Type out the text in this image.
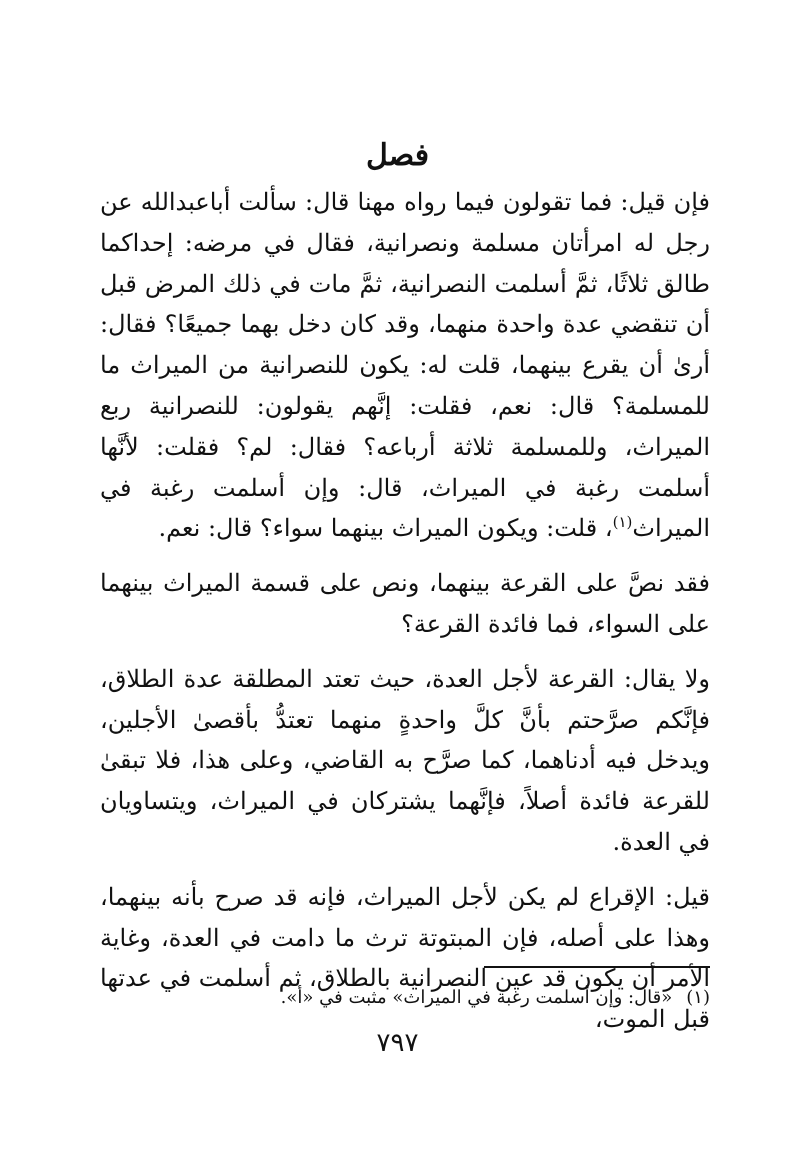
فصل

فإن قيل: فما تقولون فيما رواه مهنا قال: سألت أباعبدالله عن رجل له امرأتان مسلمة ونصرانية، فقال في مرضه: إحداكما طالق ثلاثًا، ثمَّ أسلمت النصرانية، ثمَّ مات في ذلك المرض قبل أن تنقضي عدة واحدة منهما، وقد كان دخل بهما جميعًا؟ فقال: أرىٰ أن يقرع بينهما، قلت له: يكون للنصرانية من الميراث ما للمسلمة؟ قال: نعم، فقلت: إنَّهم يقولون: للنصرانية ربع الميراث، وللمسلمة ثلاثة أرباعه؟ فقال: لم؟ فقلت: لأنَّها أسلمت رغبة في الميراث، قال: وإن أسلمت رغبة في الميراث$^{(١)}$، قلت: ويكون الميراث بينهما سواء؟ قال: نعم.

فقد نصَّ على القرعة بينهما، ونص على قسمة الميراث بينهما على السواء، فما فائدة القرعة؟

ولا يقال: القرعة لأجل العدة، حيث تعتد المطلقة عدة الطلاق، فإنَّكم صرَّحتم بأنَّ كلَّ واحدةٍ منهما تعتدُّ بأقصىٰ الأجلين، ويدخل فيه أدناهما، كما صرَّح به القاضي، وعلى هذا، فلا تبقىٰ للقرعة فائدة أصلاً، فإنَّهما يشتركان في الميراث، ويتساويان في العدة.

قيل: الإقراع لم يكن لأجل الميراث، فإنه قد صرح بأنه بينهما، وهذا على أصله، فإن المبتوتة ترث ما دامت في العدة، وغاية الأمر أن يكون قد عين النصرانية بالطلاق، ثم أسلمت في عدتها قبل الموت،

(١)«قال: وإن أسلمت رغبة في الميراث» مثبت في «أ».
٧٩٧
